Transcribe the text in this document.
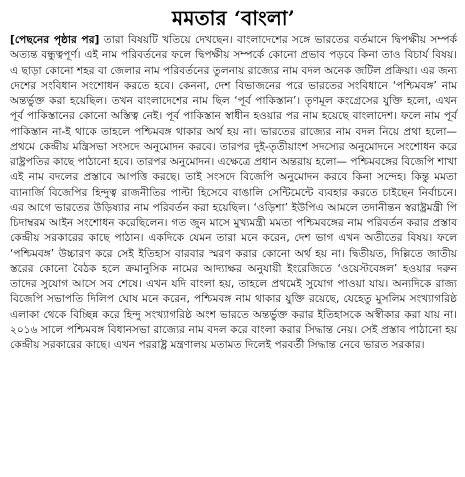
মমতার ‘বাংলা’

[পেছনের পৃষ্ঠার পর] তারা বিষয়টি খতিয়ে দেখছেন। বাংলাদেশের সঙ্গে ভারতের বর্তমানে দ্বিপক্ষীয় সম্পর্ক অত্যন্ত বন্ধুত্বপূর্ণ। এই নাম পরিবর্তনের ফলে দ্বিপক্ষীয় সম্পর্কে কোনো প্রভাব পড়বে কিনা তাও বিচার্য বিষয়। এ ছাড়া কোনো শহর বা জেলার নাম পরিবর্তনের তুলনায় রাজ্যের নাম বদল অনেক জটিল প্রক্রিয়া। এর জন্য দেশের সংবিধান সংশোধন করতে হবে। কেননা, দেশ বিভাজনের পরে ভারতের সংবিধানে ‘পশ্চিমবঙ্গ’ নাম অন্তর্ভুক্ত করা হয়েছিল। তখন বাংলাদেশের নাম ছিল ‘পূর্ব পাকিস্তান’। তৃণমূল কংগ্রেসের যুক্তি হলো, এখন পূর্ব পাকিস্তানের কোনো অস্তিত্ব নেই। পূর্ব পাকিস্তান স্বাধীন হওয়ার পর নাম হয়েছে বাংলাদেশ। ফলে নাম পূর্ব পাকিস্তান না-ই থাকে তাহলে পশ্চিমবঙ্গ থাকার অর্থ হয় না। ভারতের রাজ্যের নাম বদল নিয়ে প্রথা হলো— প্রথমে কেন্দ্রীয় মন্ত্রিসভা সংসদে অনুমোদন করবে। তারপর দুই-তৃতীয়াংশ সদস্যের অনুমোদনে সংশোধন করে রাষ্ট্রপতির কাছে পাঠানো হবে। তারপর অনুমোদন। এক্ষেত্রে প্রধান অন্তরায় হলো— পশ্চিমবঙ্গের বিজেপি শাখা এই নাম বদলের প্রস্তাবে আপত্তি করছে। তাই সংসদে বিজেপি অনুমোদন করবে কিনা সন্দেহ। কিন্তু মমতা ব্যানার্জি বিজেপির হিন্দুত্ব রাজনীতির পাল্টা হিসেবে বাঙালি সেন্টিমেন্টে ব্যবহার করতে চাইছেন নির্বাচনে। এর আগে ভারতের উড়িষ্যার নাম পরিবর্তন করা হয়েছিল। ‘ওড়িশা’ ইউপিএ আমলে তদানীন্তন স্বরাষ্ট্রমন্ত্রী পি চিদাম্বরম আইন সংশোধন করেছিলেন। গত জুন মাসে মুখ্যমন্ত্রী মমতা পশ্চিমবঙ্গের নাম পরিবর্তন করার প্রস্তাব কেন্দ্রীয় সরকারের কাছে পাঠান। একদিকে যেমন তারা মনে করেন, দেশ ভাগ এখন অতীতের বিষয়। ফলে ‘পশ্চিমবঙ্গ’ উচ্চারণ করে সেই ইতিহাস বারবার স্মরণ করার কোনো অর্থ হয় না। দ্বিতীয়ত, দিল্লিতে জাতীয় স্তরের কোনো বৈঠক হলে ক্রমানুসিক নামের আদ্যাক্ষর অনুযায়ী ইংরেজিতে ‘ওয়েস্টবেঙ্গল’ হওয়ার দরুন তাদের সুযোগ আসে সব শেষে। এখন যদি বাংলা হয়, তাহলে প্রথমেই সুযোগ পাওয়া যায়। অন্যদিকে রাজ্য বিজেপি সভাপতি দিলিপ ঘোষ মনে করেন, পশ্চিমবঙ্গ নাম থাকার যুক্তি রয়েছে, যেহেতু মুসলিম সংখ্যাগরিষ্ঠ এলাকা থেকে বিচ্ছিন্ন করে হিন্দু সংখ্যাগরিষ্ঠ অংশ ভারতে অন্তর্ভুক্ত করার ইতিহাসকে অস্বীকার করা যায় না। ২০১৬ সালে পশ্চিমবঙ্গ বিধানসভা রাজ্যের নাম বদল করে বাংলা করার সিদ্ধান্ত নেয়। সেই প্রস্তাব পাঠানো হয় কেন্দ্রীয় সরকারের কাছে। এখন পররাষ্ট্র মন্ত্রণালয় মতামত দিলেই পরবর্তী সিদ্ধান্ত নেবে ভারত সরকার।
